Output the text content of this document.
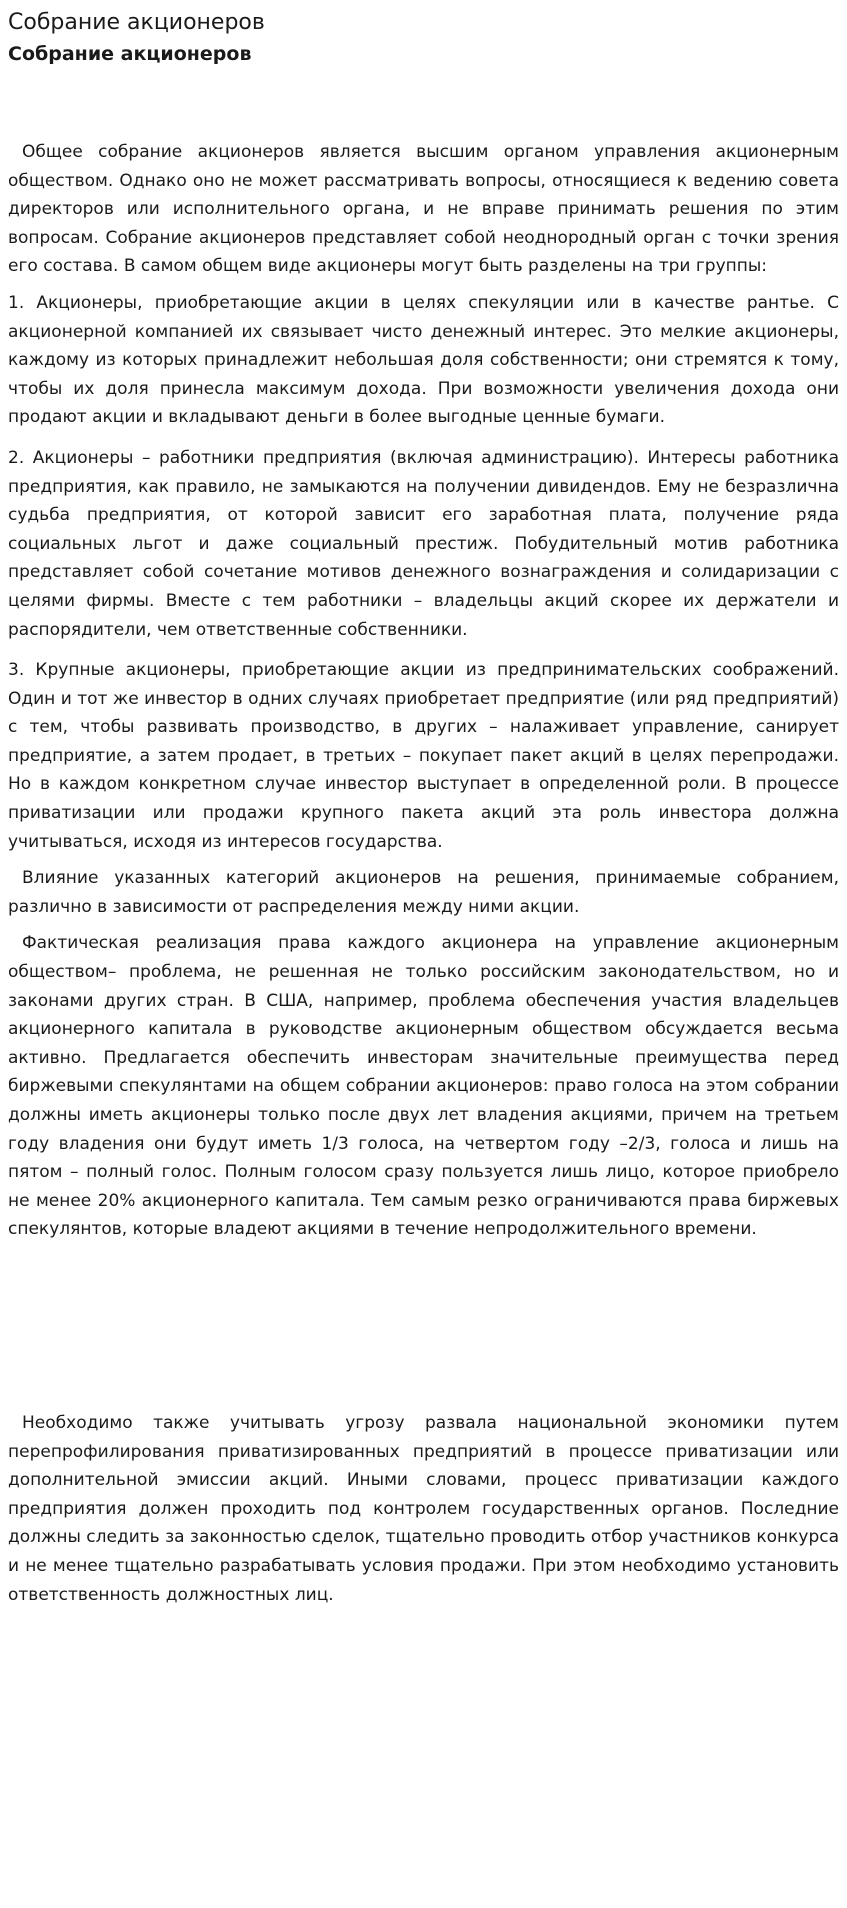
Собрание акционеров
Собрание акционеров

Общее собрание акционеров является высшим органом управления акционерным обществом. Однако оно не может рассматривать вопросы, относящиеся к ведению совета директоров или исполнительного органа, и не вправе принимать решения по этим вопросам. Собрание акционеров представляет собой неоднородный орган с точки зрения его состава. В самом общем виде акционеры могут быть разделены на три группы:

1. Акционеры, приобретающие акции в целях спекуляции или в качестве рантье. С акционерной компанией их связывает чисто денежный интерес. Это мелкие акционеры, каждому из которых принадлежит небольшая доля собственности; они стремятся к тому, чтобы их доля принесла максимум дохода. При возможности увеличения дохода они продают акции и вкладывают деньги в более выгодные ценные бумаги.

2. Акционеры – работники предприятия (включая администрацию). Интересы работника предприятия, как правило, не замыкаются на получении дивидендов. Ему не безразлична судьба предприятия, от которой зависит его заработная плата, получение ряда социальных льгот и даже социальный престиж. Побудительный мотив работника представляет собой сочетание мотивов денежного вознаграждения и солидаризации с целями фирмы. Вместе с тем работники – владельцы акций скорее их держатели и распорядители, чем ответственные собственники.

3. Крупные акционеры, приобретающие акции из предпринимательских соображений. Один и тот же инвестор в одних случаях приобретает предприятие (или ряд предприятий) с тем, чтобы развивать производство, в других – налаживает управление, санирует предприятие, а затем продает, в третьих – покупает пакет акций в целях перепродажи. Но в каждом конкретном случае инвестор выступает в определенной роли. В процессе приватизации или продажи крупного пакета акций эта роль инвестора должна учитываться, исходя из интересов государства.

Влияние указанных категорий акционеров на решения, принимаемые собранием, различно в зависимости от распределения между ними акции.

Фактическая реализация права каждого акционера на управление акционерным обществом– проблема, не решенная не только российским законодательством, но и законами других стран. В США, например, проблема обеспечения участия владельцев акционерного капитала в руководстве акционерным обществом обсуждается весьма активно. Предлагается обеспечить инвесторам значительные преимущества перед биржевыми спекулянтами на общем собрании акционеров: право голоса на этом собрании должны иметь акционеры только после двух лет владения акциями, причем на третьем году владения они будут иметь 1/3 голоса, на четвертом году –2/3, голоса и лишь на пятом – полный голос. Полным голосом сразу пользуется лишь лицо, которое приобрело не менее 20% акционерного капитала. Тем самым резко ограничиваются права биржевых спекулянтов, которые владеют акциями в течение непродолжительного времени.

Необходимо также учитывать угрозу развала национальной экономики путем перепрофилирования приватизированных предприятий в процессе приватизации или дополнительной эмиссии акций. Иными словами, процесс приватизации каждого предприятия должен проходить под контролем государственных органов. Последние должны следить за законностью сделок, тщательно проводить отбор участников конкурса и не менее тщательно разрабатывать условия продажи. При этом необходимо установить ответственность должностных лиц.
